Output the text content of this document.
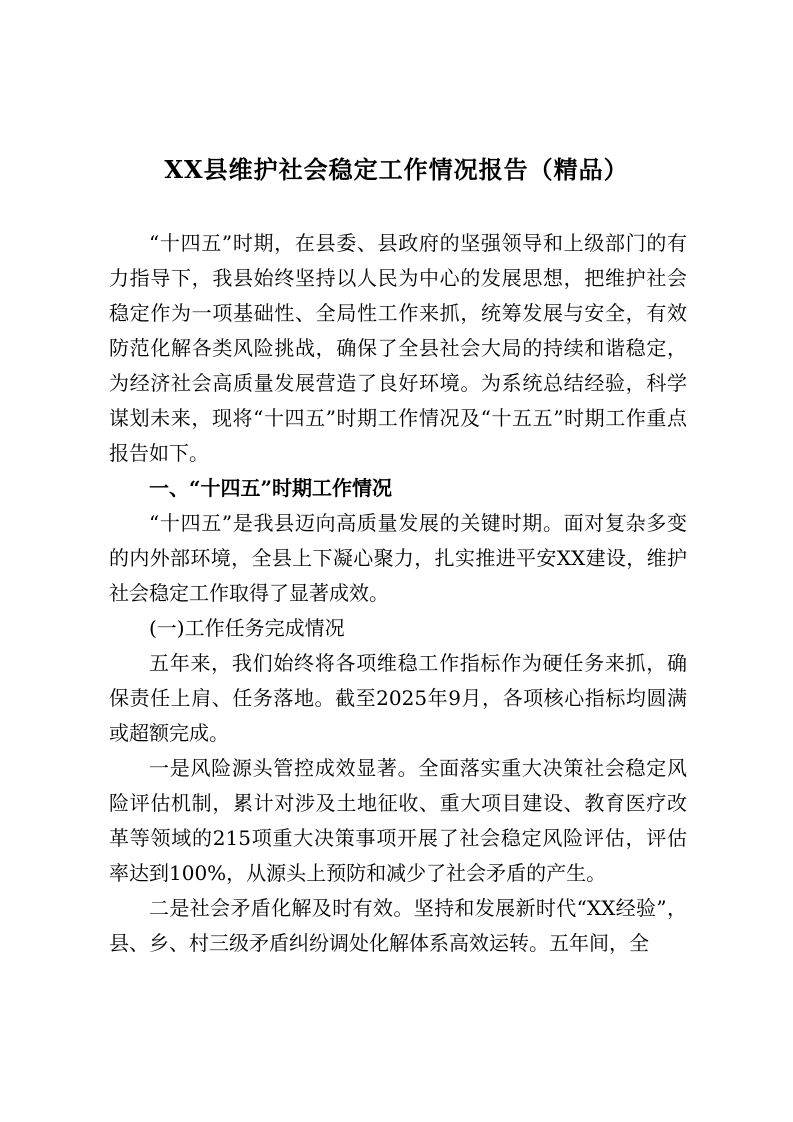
XX县维护社会稳定工作情况报告（精品）

“十四五”时期，在县委、县政府的坚强领导和上级部门的有力指导下，我县始终坚持以人民为中心的发展思想，把维护社会稳定作为一项基础性、全局性工作来抓，统筹发展与安全，有效防范化解各类风险挑战，确保了全县社会大局的持续和谐稳定，为经济社会高质量发展营造了良好环境。为系统总结经验，科学谋划未来，现将“十四五”时期工作情况及“十五五”时期工作重点报告如下。

一、“十四五”时期工作情况

“十四五”是我县迈向高质量发展的关键时期。面对复杂多变的内外部环境，全县上下凝心聚力，扎实推进平安XX建设，维护社会稳定工作取得了显著成效。

(一)工作任务完成情况

五年来，我们始终将各项维稳工作指标作为硬任务来抓，确保责任上肩、任务落地。截至2025年9月，各项核心指标均圆满或超额完成。

一是风险源头管控成效显著。全面落实重大决策社会稳定风险评估机制，累计对涉及土地征收、重大项目建设、教育医疗改革等领域的215项重大决策事项开展了社会稳定风险评估，评估率达到100%，从源头上预防和减少了社会矛盾的产生。

二是社会矛盾化解及时有效。坚持和发展新时代“XX经验”，县、乡、村三级矛盾纠纷调处化解体系高效运转。五年间，全
